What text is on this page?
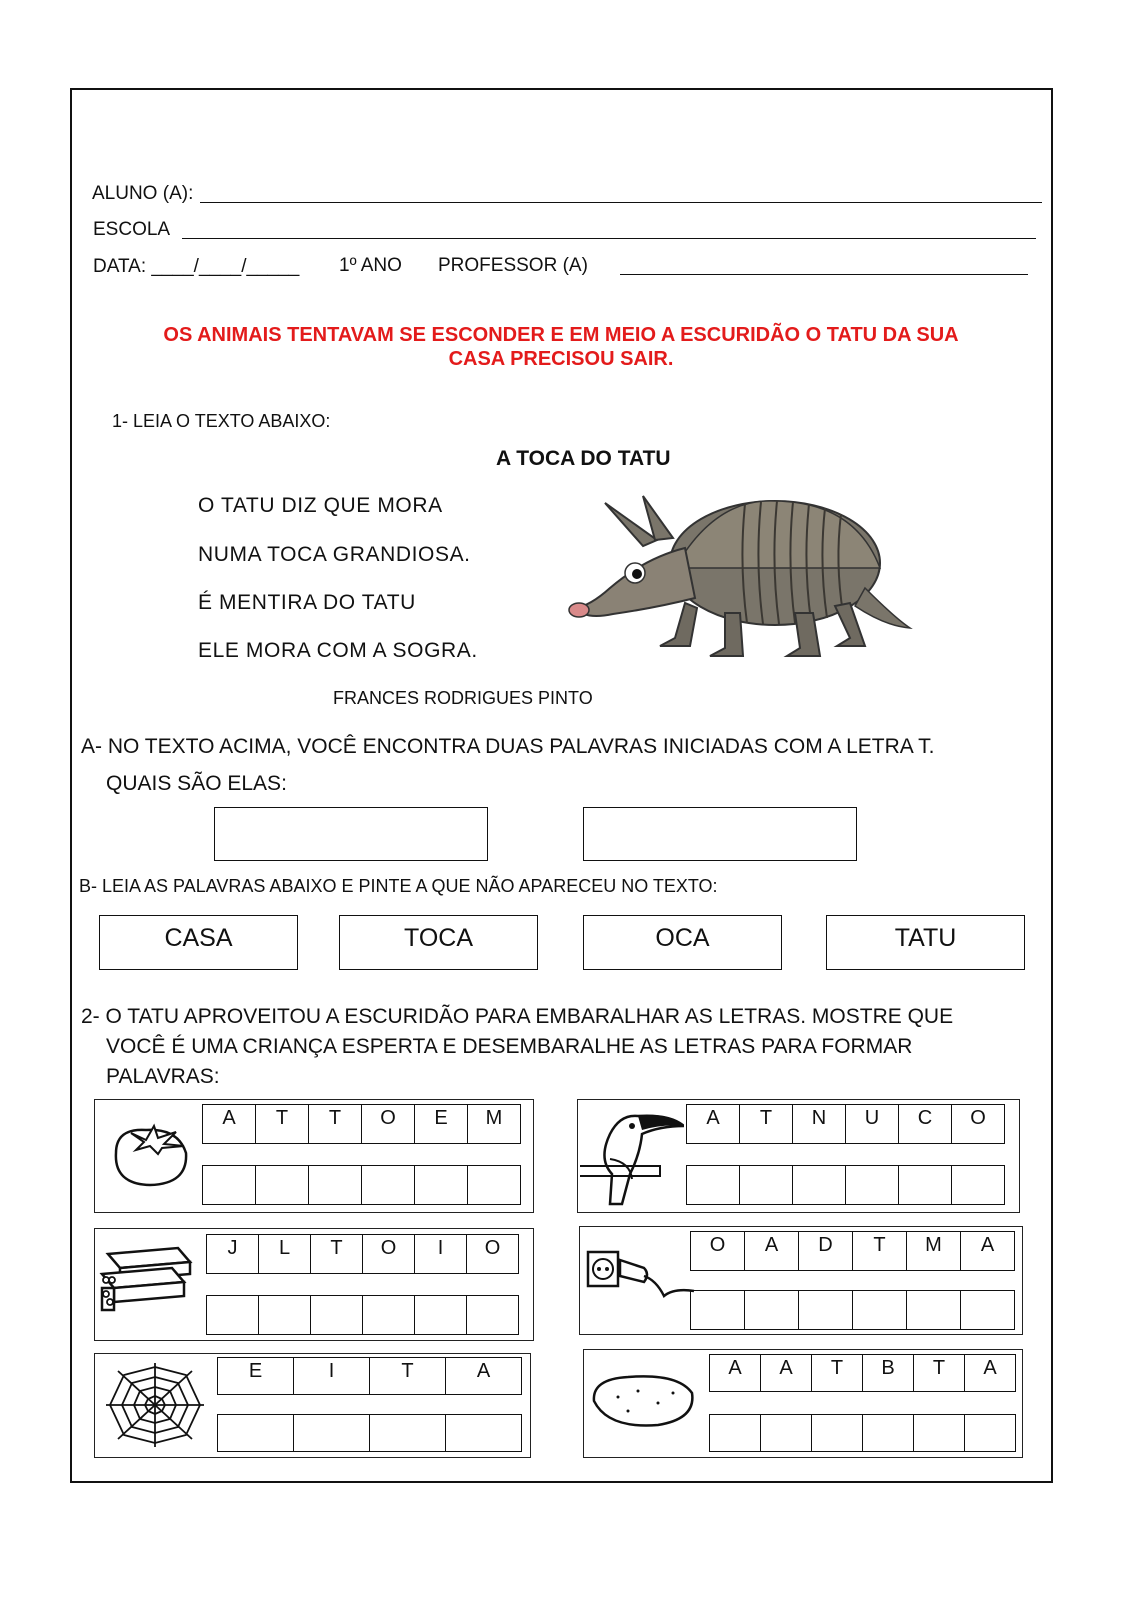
ALUNO (A):
ESCOLA
DATA: ____/____/_____ 1º ANO PROFESSOR (A)
OS ANIMAIS TENTAVAM SE ESCONDER E EM MEIO A ESCURIDÃO O TATU DA SUA
CASA PRECISOU SAIR.
1- LEIA O TEXTO ABAIXO:
A TOCA DO TATU
O TATU DIZ QUE MORA
NUMA TOCA GRANDIOSA.
É MENTIRA DO TATU
ELE MORA COM A SOGRA.
FRANCES RODRIGUES PINTO
A- NO TEXTO ACIMA, VOCÊ ENCONTRA DUAS PALAVRAS INICIADAS COM A LETRA T.
QUAIS SÃO ELAS:
B- LEIA AS PALAVRAS ABAIXO E PINTE A QUE NÃO APARECEU NO TEXTO:
CASA	TOCA	OCA	TATU
2- O TATU APROVEITOU A ESCURIDÃO PARA EMBARALHAR AS LETRAS. MOSTRE QUE
VOCÊ É UMA CRIANÇA ESPERTA E DESEMBARALHE AS LETRAS PARA FORMAR
PALAVRAS:
A	T	T	O	E	M	A	T	N	U	C	O
J	L	T	O	I	O	O	A	D	T	M	A
E	I	T	A	A	A	T	B	T	A
